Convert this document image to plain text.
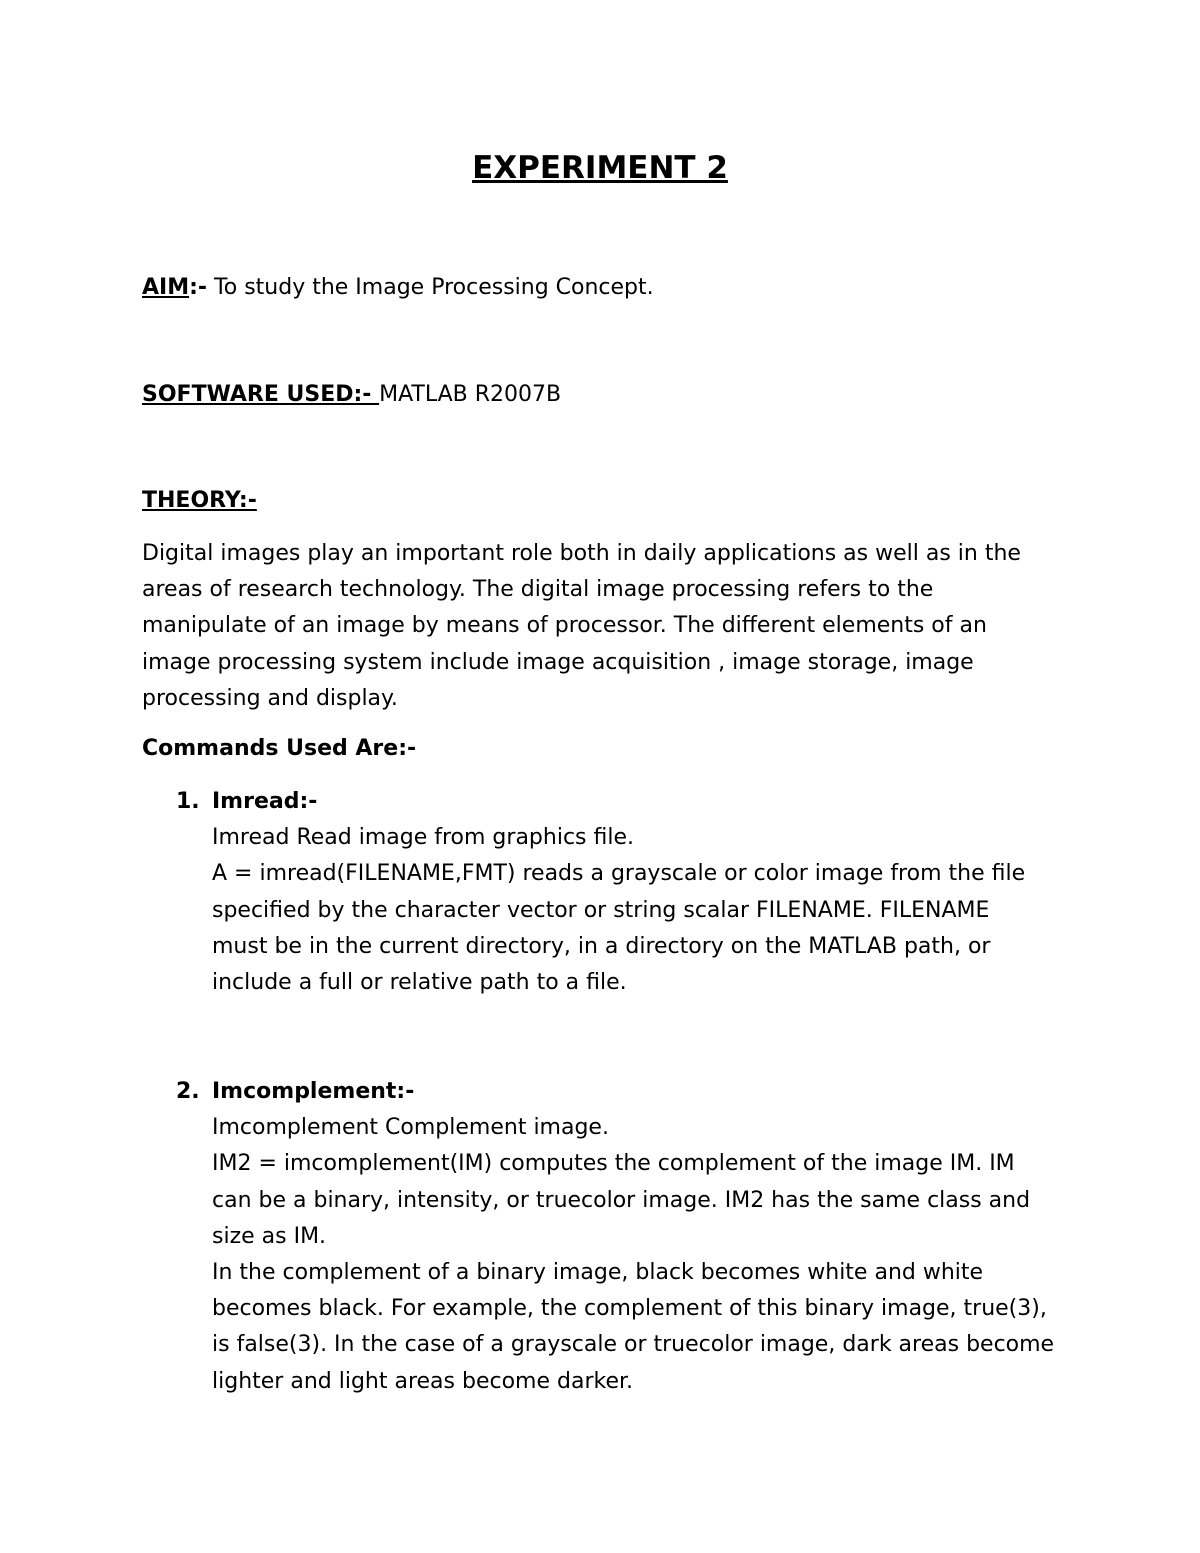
EXPERIMENT 2
AIM:- To study the Image Processing Concept.
SOFTWARE USED:- MATLAB R2007B
THEORY:-
Digital images play an important role both in daily applications as well as in the
areas of research technology. The digital image processing refers to the
manipulate of an image by means of processor. The different elements of an
image processing system include image acquisition , image storage, image
processing and display.
Commands Used Are:-
1. Imread:-
Imread Read image from graphics file.
A = imread(FILENAME,FMT) reads a grayscale or color image from the file
specified by the character vector or string scalar FILENAME. FILENAME
must be in the current directory, in a directory on the MATLAB path, or
include a full or relative path to a file.
2. Imcomplement:-
Imcomplement Complement image.
IM2 = imcomplement(IM) computes the complement of the image IM. IM
can be a binary, intensity, or truecolor image. IM2 has the same class and
size as IM.
In the complement of a binary image, black becomes white and white
becomes black. For example, the complement of this binary image, true(3),
is false(3). In the case of a grayscale or truecolor image, dark areas become
lighter and light areas become darker.
